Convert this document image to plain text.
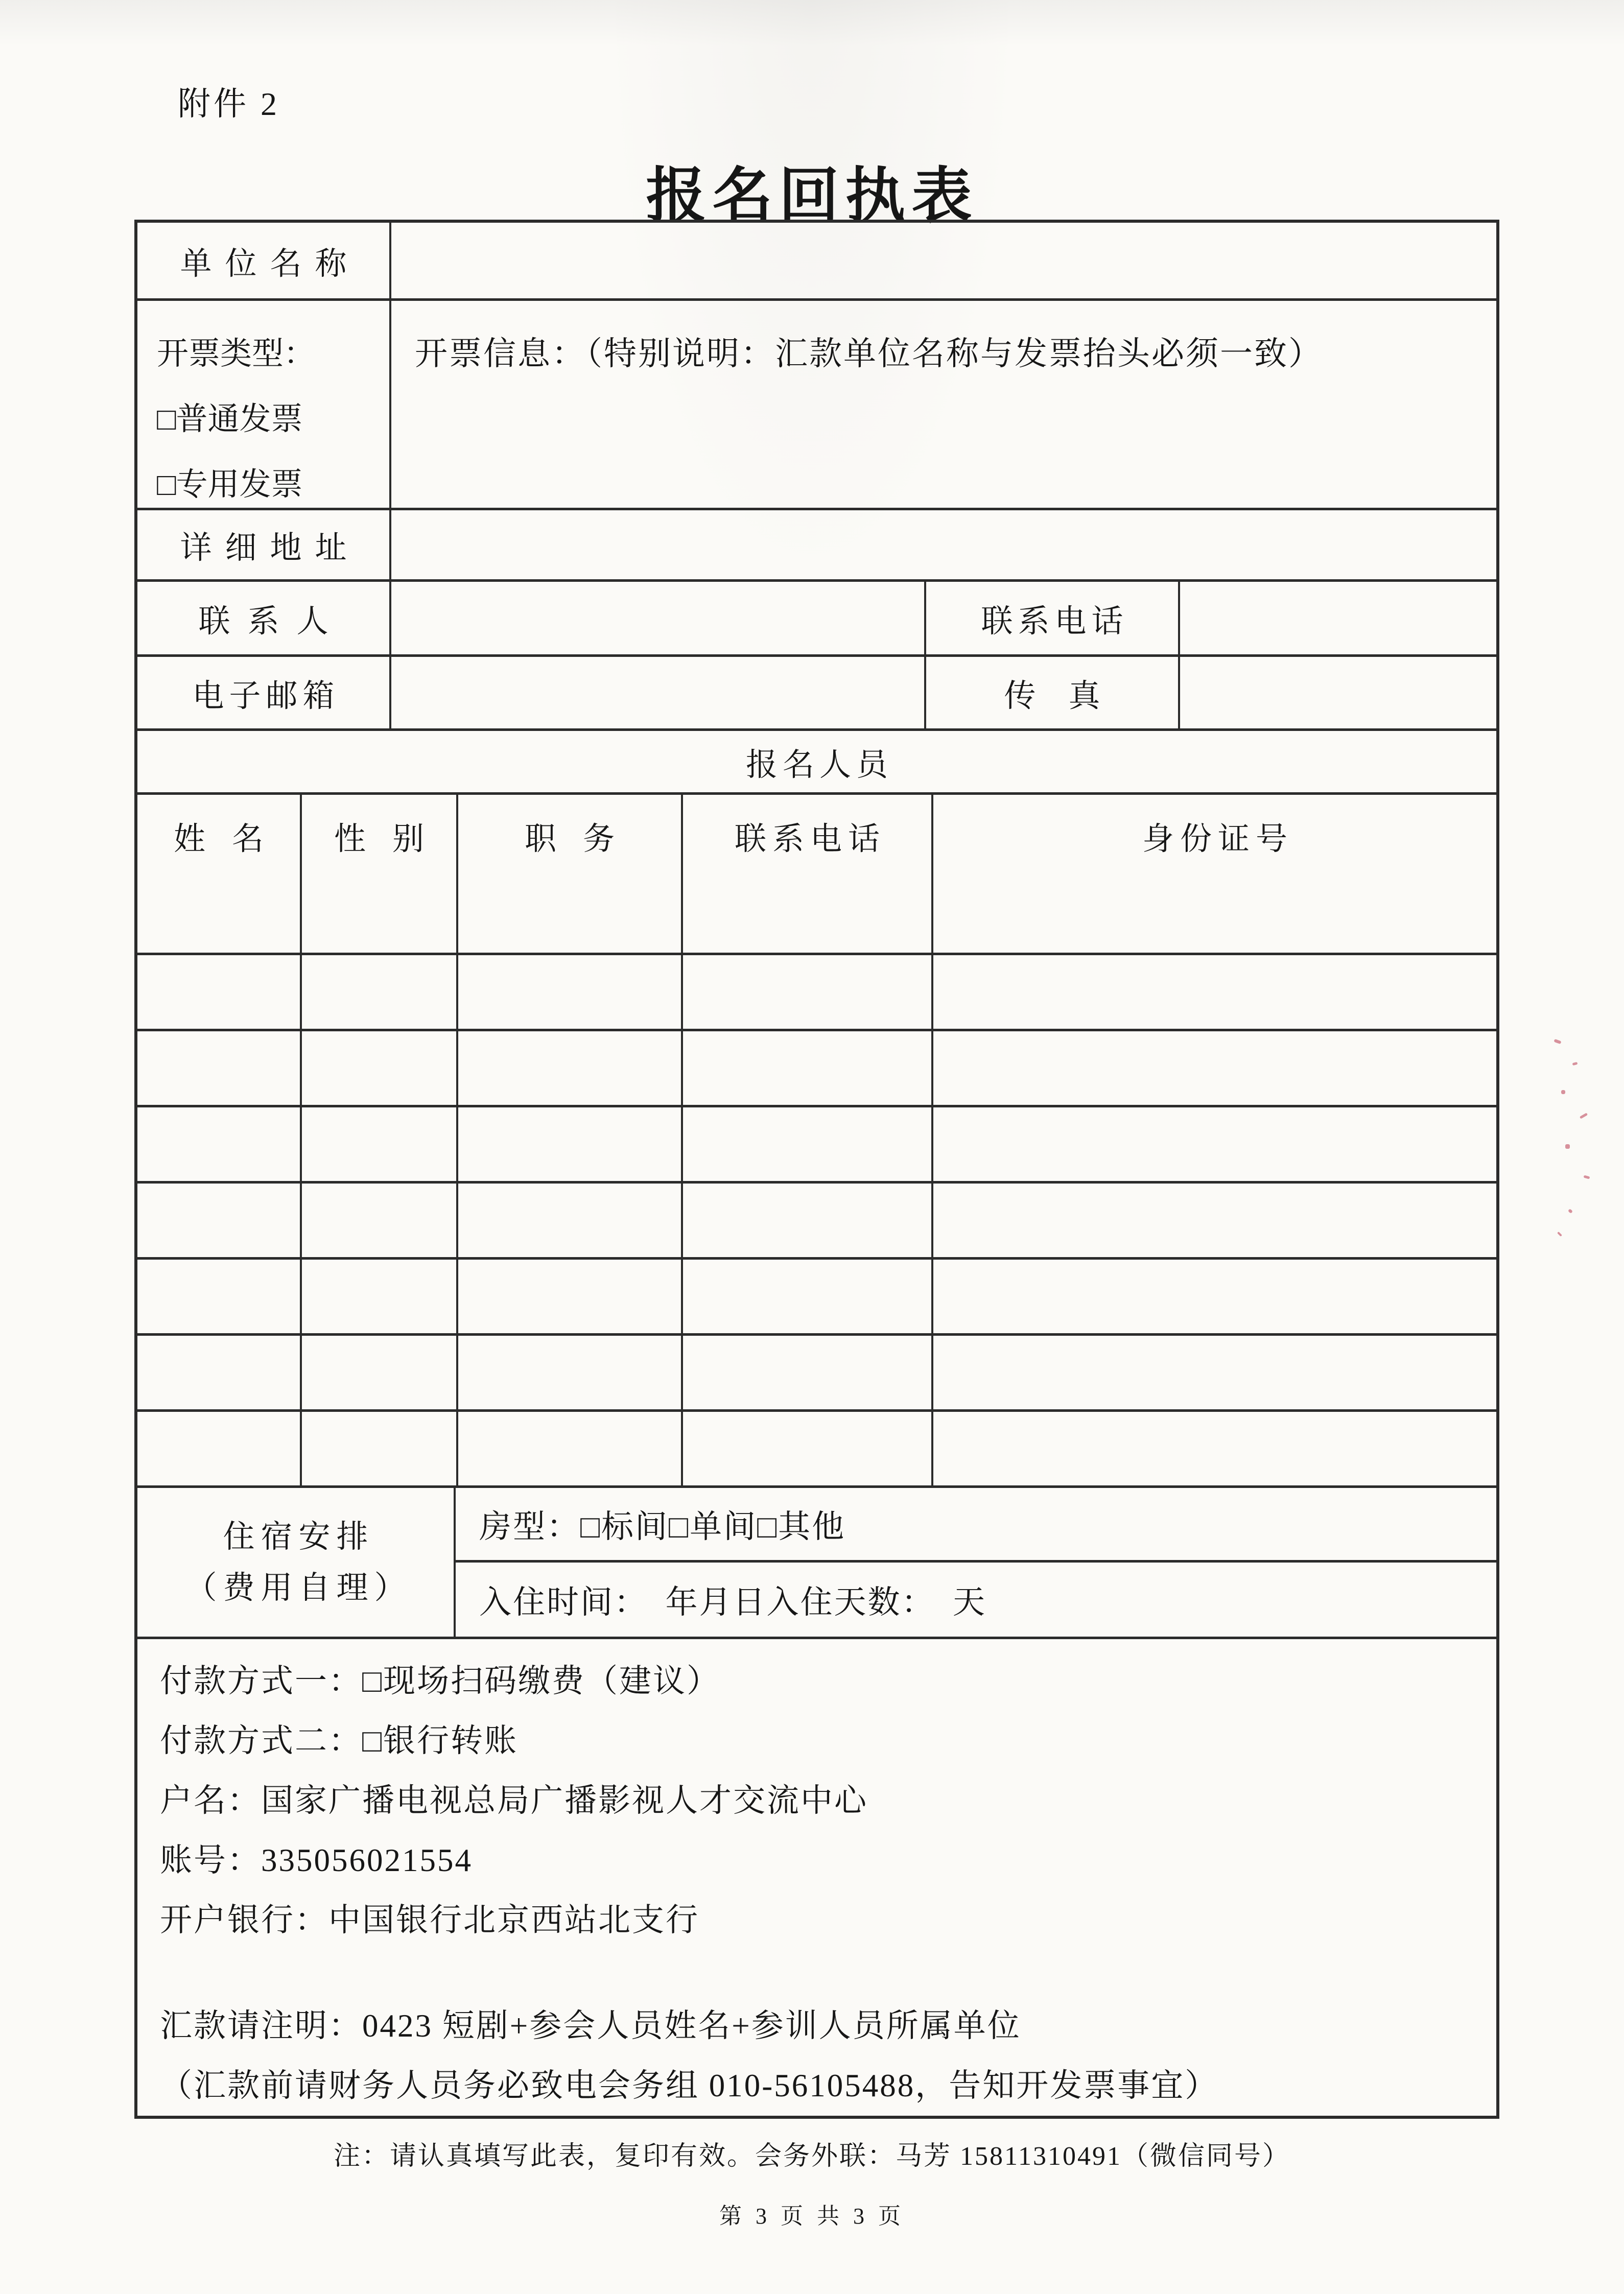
附件 2
报名回执表
单位名称
开票类型：
□普通发票
□专用发票
开票信息：（特别说明：汇款单位名称与发票抬头必须一致）
详细地址
联系人	联系电话
电子邮箱	传真
报名人员
姓名	性别	职务	联系电话	身份证号
住宿安排
（费用自理）
房型：□标间□单间□其他
入住时间：　年月日入住天数：　天
付款方式一：□现场扫码缴费（建议）
付款方式二：□银行转账
户名：国家广播电视总局广播影视人才交流中心
账号：335056021554
开户银行：中国银行北京西站北支行
汇款请注明：0423 短剧+参会人员姓名+参训人员所属单位
（汇款前请财务人员务必致电会务组 010-56105488，告知开发票事宜）
注：请认真填写此表，复印有效。会务外联：马芳 15811310491（微信同号）
第 3 页 共 3 页
